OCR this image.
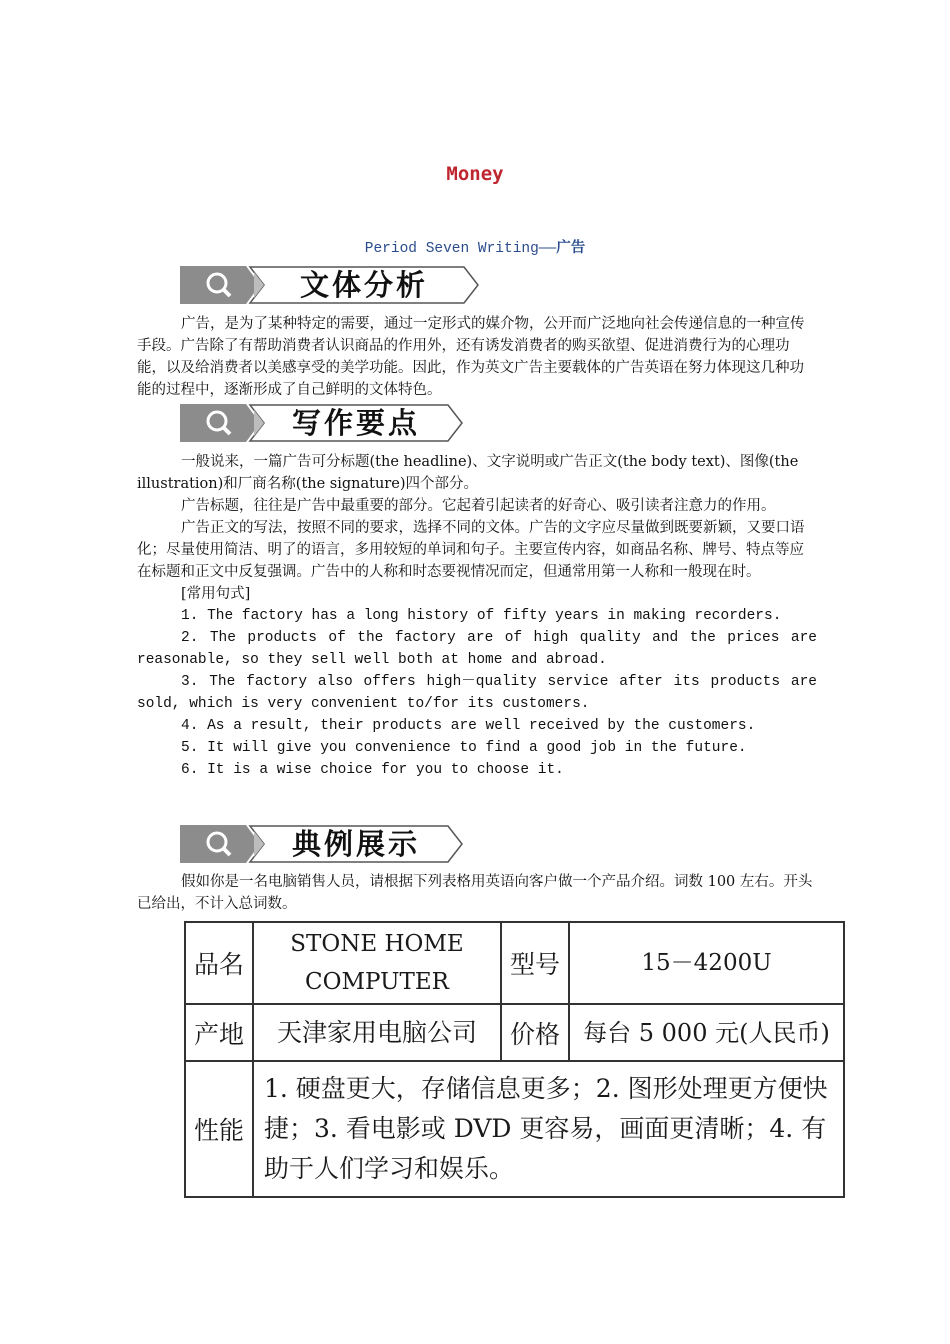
Money
Period Seven Writing——广告
文体分析
广告，是为了某种特定的需要，通过一定形式的媒介物，公开而广泛地向社会传递信息的一种宣传手段。广告除了有帮助消费者认识商品的作用外，还有诱发消费者的购买欲望、促进消费行为的心理功能，以及给消费者以美感享受的美学功能。因此，作为英文广告主要载体的广告英语在努力体现这几种功能的过程中，逐渐形成了自己鲜明的文体特色。
写作要点

一般说来，一篇广告可分标题(the headline)、文字说明或广告正文(the body text)、图像(the illustration)和厂商名称(the signature)四个部分。

广告标题，往往是广告中最重要的部分。它起着引起读者的好奇心、吸引读者注意力的作用。

广告正文的写法，按照不同的要求，选择不同的文体。广告的文字应尽量做到既要新颖，又要口语化；尽量使用简洁、明了的语言，多用较短的单词和句子。主要宣传内容，如商品名称、牌号、特点等应在标题和正文中反复强调。广告中的人称和时态要视情况而定，但通常用第一人称和一般现在时。

[常用句式]

1. The factory has a long history of fifty years in making recorders.

2. The products of the factory are of high quality and the prices are reasonable, so they sell well both at home and abroad.

3. The factory also offers high－quality service after its products are sold, which is very convenient to/for its customers.

4. As a result, their products are well received by the customers.

5. It will give you convenience to find a good job in the future.

6. It is a wise choice for you to choose it.

典例展示
假如你是一名电脑销售人员，请根据下列表格用英语向客户做一个产品介绍。词数 100 左右。开头已给出，不计入总词数。
品名	STONE HOME COMPUTER	型号	15－4200U
产地	天津家用电脑公司	价格	每台 5 000 元(人民币)
性能	1. 硬盘更大，存储信息更多；2. 图形处理更方便快捷；3. 看电影或 DVD 更容易，画面更清晰；4. 有助于人们学习和娱乐。		
